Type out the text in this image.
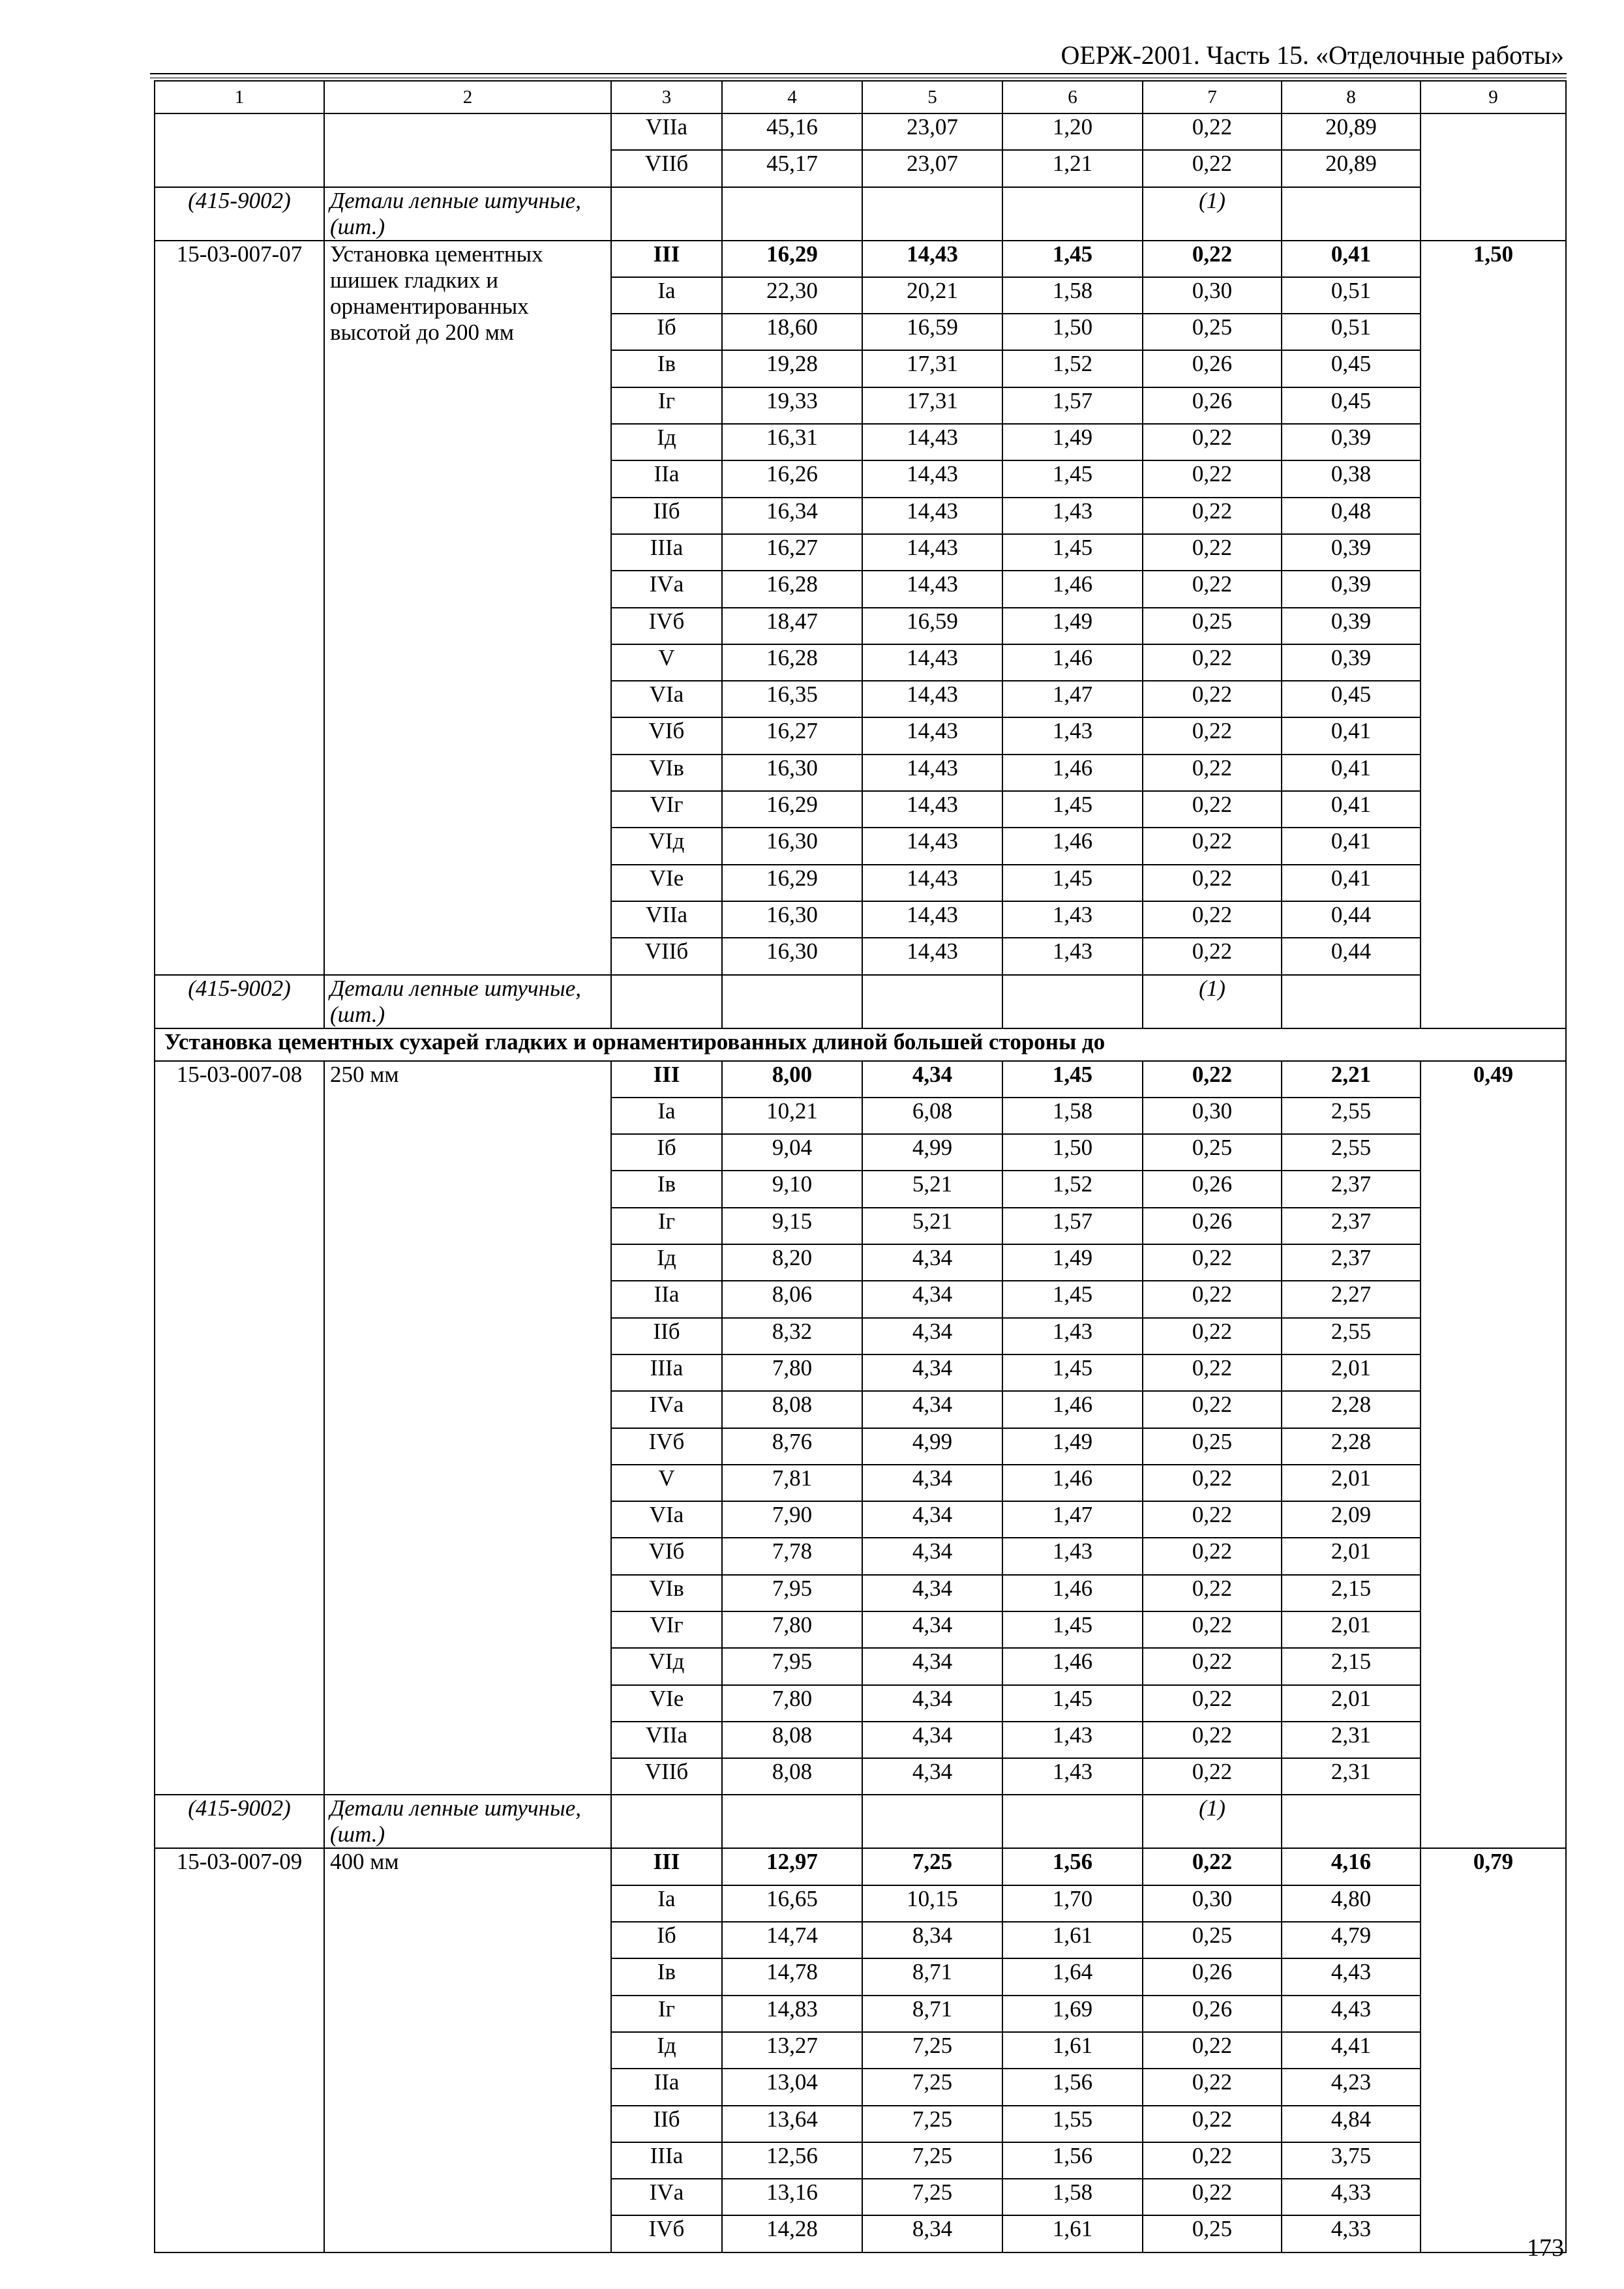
ОЕРЖ-2001. Часть 15. «Отделочные работы»
1	2	3	4	5	6	7	8	9
		VIIа	45,16	23,07	1,20	0,22	20,89	
		VIIб	45,17	23,07	1,21	0,22	20,89	
(415-9002)	Детали лепные штучные, (шт.)					(1)		
15-03-007-07	Установка цементных шишек гладких и орнаментированных высотой до 200 мм	III	16,29	14,43	1,45	0,22	0,41	1,50
		Iа	22,30	20,21	1,58	0,30	0,51	
		Iб	18,60	16,59	1,50	0,25	0,51	
		Iв	19,28	17,31	1,52	0,26	0,45	
		Iг	19,33	17,31	1,57	0,26	0,45	
		Iд	16,31	14,43	1,49	0,22	0,39	
		IIа	16,26	14,43	1,45	0,22	0,38	
		IIб	16,34	14,43	1,43	0,22	0,48	
		IIIа	16,27	14,43	1,45	0,22	0,39	
		IVа	16,28	14,43	1,46	0,22	0,39	
		IVб	18,47	16,59	1,49	0,25	0,39	
		V	16,28	14,43	1,46	0,22	0,39	
		VIа	16,35	14,43	1,47	0,22	0,45	
		VIб	16,27	14,43	1,43	0,22	0,41	
		VIв	16,30	14,43	1,46	0,22	0,41	
		VIг	16,29	14,43	1,45	0,22	0,41	
		VIд	16,30	14,43	1,46	0,22	0,41	
		VIе	16,29	14,43	1,45	0,22	0,41	
		VIIа	16,30	14,43	1,43	0,22	0,44	
		VIIб	16,30	14,43	1,43	0,22	0,44	
(415-9002)	Детали лепные штучные, (шт.)					(1)		
Установка цементных сухарей гладких и орнаментированных длиной большей стороны до								
15-03-007-08	250 мм	III	8,00	4,34	1,45	0,22	2,21	0,49
		Iа	10,21	6,08	1,58	0,30	2,55	
		Iб	9,04	4,99	1,50	0,25	2,55	
		Iв	9,10	5,21	1,52	0,26	2,37	
		Iг	9,15	5,21	1,57	0,26	2,37	
		Iд	8,20	4,34	1,49	0,22	2,37	
		IIа	8,06	4,34	1,45	0,22	2,27	
		IIб	8,32	4,34	1,43	0,22	2,55	
		IIIа	7,80	4,34	1,45	0,22	2,01	
		IVа	8,08	4,34	1,46	0,22	2,28	
		IVб	8,76	4,99	1,49	0,25	2,28	
		V	7,81	4,34	1,46	0,22	2,01	
		VIа	7,90	4,34	1,47	0,22	2,09	
		VIб	7,78	4,34	1,43	0,22	2,01	
		VIв	7,95	4,34	1,46	0,22	2,15	
		VIг	7,80	4,34	1,45	0,22	2,01	
		VIд	7,95	4,34	1,46	0,22	2,15	
		VIе	7,80	4,34	1,45	0,22	2,01	
		VIIа	8,08	4,34	1,43	0,22	2,31	
		VIIб	8,08	4,34	1,43	0,22	2,31	
(415-9002)	Детали лепные штучные, (шт.)					(1)		
15-03-007-09	400 мм	III	12,97	7,25	1,56	0,22	4,16	0,79
		Iа	16,65	10,15	1,70	0,30	4,80	
		Iб	14,74	8,34	1,61	0,25	4,79	
		Iв	14,78	8,71	1,64	0,26	4,43	
		Iг	14,83	8,71	1,69	0,26	4,43	
		Iд	13,27	7,25	1,61	0,22	4,41	
		IIа	13,04	7,25	1,56	0,22	4,23	
		IIб	13,64	7,25	1,55	0,22	4,84	
		IIIа	12,56	7,25	1,56	0,22	3,75	
		IVа	13,16	7,25	1,58	0,22	4,33	
		IVб	14,28	8,34	1,61	0,25	4,33	
173
